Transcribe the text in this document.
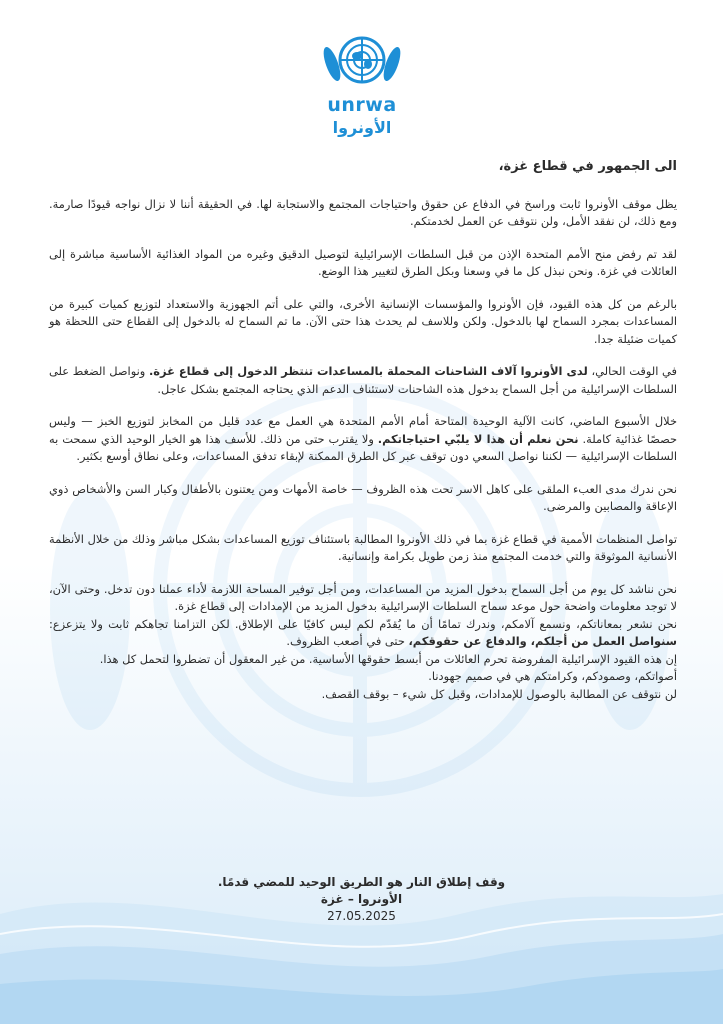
unrwa
الأونروا

الى الجمهور في قطاع غزة،

يظل موقف الأونروا ثابت وراسخ في الدفاع عن حقوق واحتياجات المجتمع والاستجابة لها. في الحقيقة أننا لا نزال نواجه قيودًا صارمة. ومع ذلك، لن نفقد الأمل، ولن نتوقف عن العمل لخدمتكم.

لقد تم رفض منح الأمم المتحدة الإذن من قبل السلطات الإسرائيلية لتوصيل الدقيق وغيره من المواد الغذائية الأساسية مباشرة إلى العائلات في غزة. ونحن نبذل كل ما في وسعنا وبكل الطرق لتغيير هذا الوضع.

بالرغم من كل هذه القيود، فإن الأونروا والمؤسسات الإنسانية الأخرى، والتي على أتم الجهوزية والاستعداد لتوزيع كميات كبيرة من المساعدات بمجرد السماح لها بالدخول. ولكن وللاسف لم يحدث هذا حتى الآن. ما تم السماح له بالدخول إلى القطاع حتى اللحظة هو كميات ضئيلة جدا.

في الوقت الحالي، لدى الأونروا آلاف الشاحنات المحملة بالمساعدات تنتظر الدخول إلى قطاع غزة. ونواصل الضغط على السلطات الإسرائيلية من أجل السماح بدخول هذه الشاحنات لاستئناف الدعم الذي يحتاجه المجتمع بشكل عاجل.

خلال الأسبوع الماضي، كانت الآلية الوحيدة المتاحة أمام الأمم المتحدة هي العمل مع عدد قليل من المخابز لتوزيع الخبز — وليس حصصًا غذائية كاملة. نحن نعلم أن هذا لا يلبّي احتياجاتكم. ولا يقترب حتى من ذلك. للأسف هذا هو الخيار الوحيد الذي سمحت به السلطات الإسرائيلية — لكننا نواصل السعي دون توقف عبر كل الطرق الممكنة لإبقاء تدفق المساعدات، وعلى نطاق أوسع بكثير.

نحن ندرك مدى العبء الملقى على كاهل الاسر تحت هذه الظروف — خاصة الأمهات ومن يعتنون بالأطفال وكبار السن والأشخاص ذوي الإعاقة والمصابين والمرضى.

تواصل المنظمات الأممية في قطاع غزة بما في ذلك الأونروا المطالبة باستئناف توزيع المساعدات بشكل مباشر وذلك من خلال الأنظمة الأنسانية الموثوقة والتي خدمت المجتمع منذ زمن طويل بكرامة وإنسانية.

نحن نناشد كل يوم من أجل السماح بدخول المزيد من المساعدات، ومن أجل توفير المساحة اللازمة لأداء عملنا دون تدخل. وحتى الآن، لا توجد معلومات واضحة حول موعد سماح السلطات الإسرائيلية بدخول المزيد من الإمدادات إلى قطاع غزة.

نحن نشعر بمعاناتكم، ونسمع آلامكم، وندرك تمامًا أن ما يُقدّم لكم ليس كافيًا على الإطلاق. لكن التزامنا تجاهكم ثابت ولا يتزعزع: سنواصل العمل من أجلكم، والدفاع عن حقوقكم، حتى في أصعب الظروف.

إن هذه القيود الإسرائيلية المفروضة تحرم العائلات من أبسط حقوقها الأساسية. من غير المعقول أن تضطروا لتحمل كل هذا.

أصواتكم، وصمودكم، وكرامتكم هي في صميم جهودنا.

لن نتوقف عن المطالبة بالوصول للإمدادات، وقبل كل شيء – بوقف القصف.

وقف إطلاق النار هو الطريق الوحيد للمضي قدمًا.
الأونروا – غزة
27.05.2025
